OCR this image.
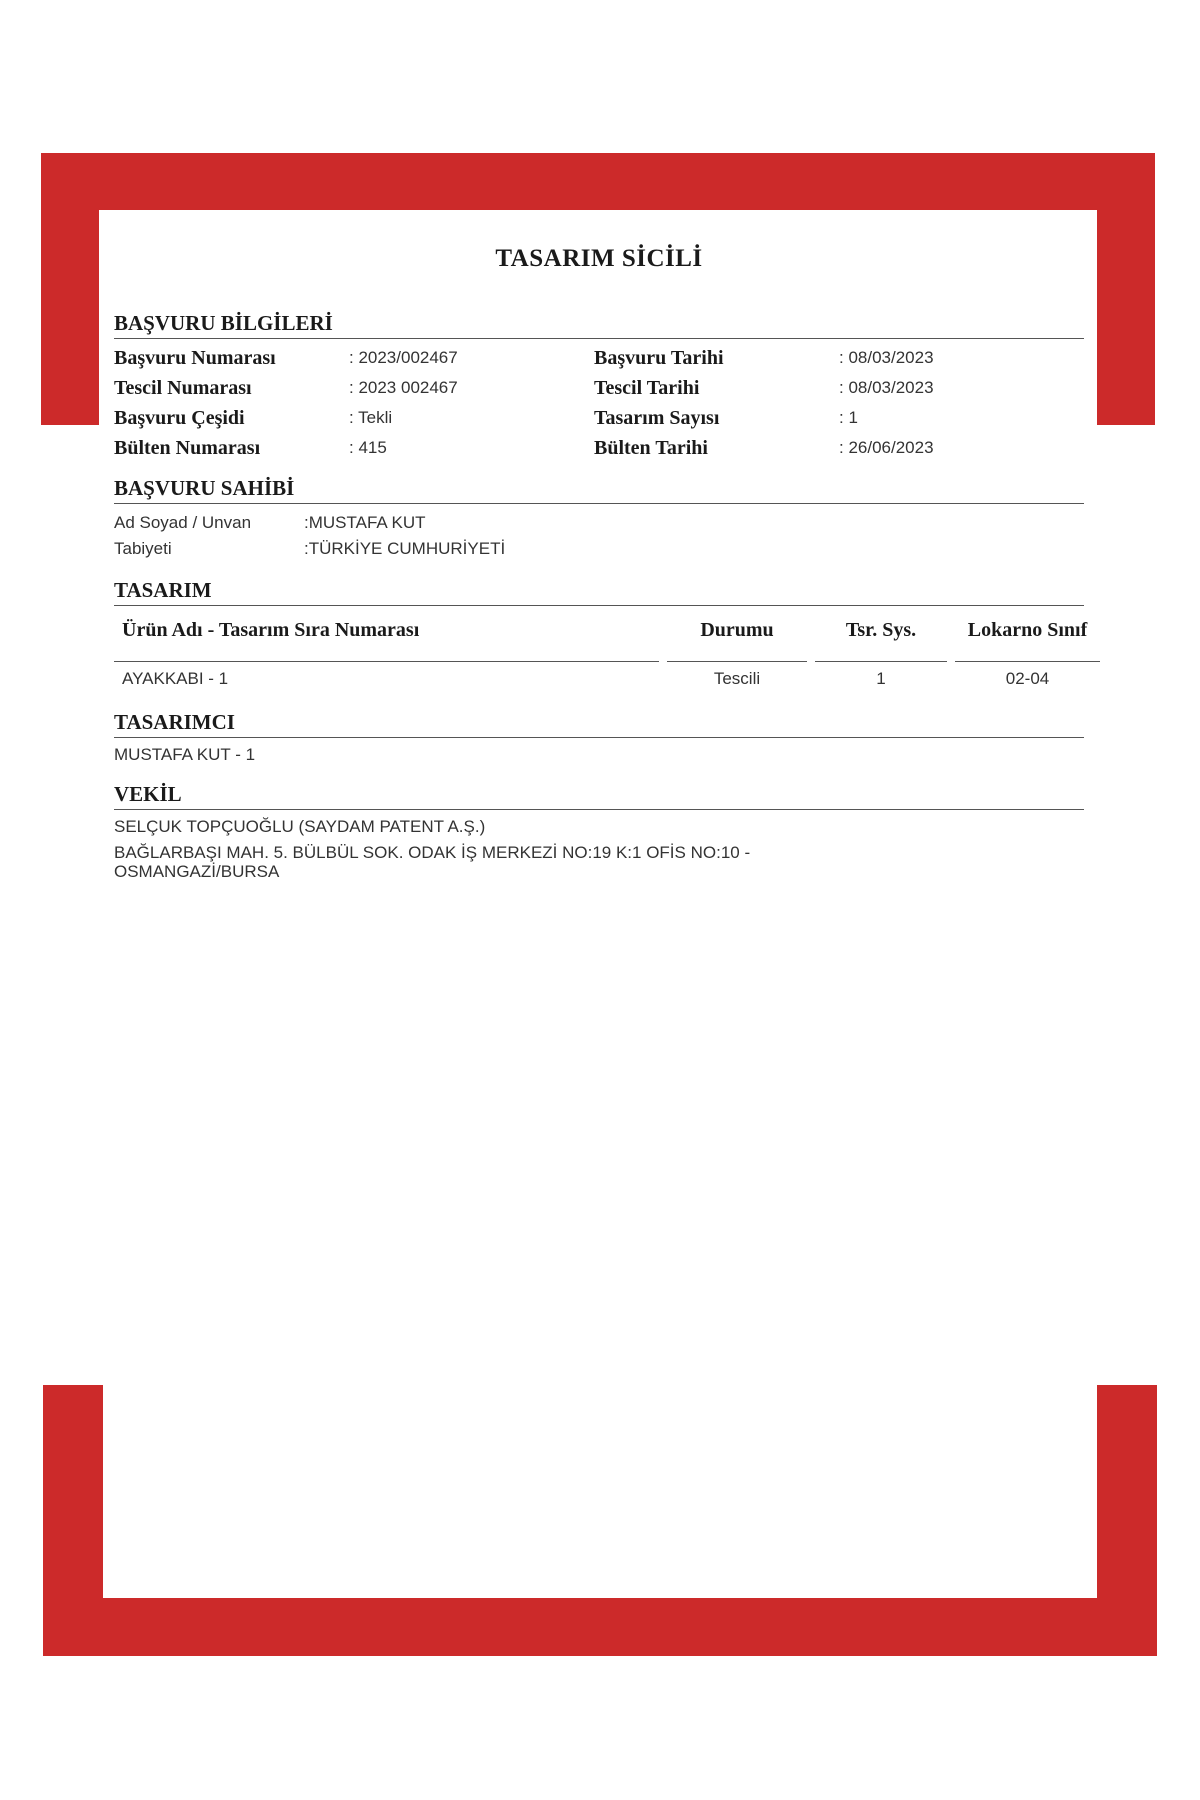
TASARIM SİCİLİ
BAŞVURU BİLGİLERİ
Başvuru Numarası	: 2023/002467	Başvuru Tarihi	: 08/03/2023
Tescil Numarası	: 2023 002467	Tescil Tarihi	: 08/03/2023
Başvuru Çeşidi	: Tekli	Tasarım Sayısı	: 1
Bülten Numarası	: 415	Bülten Tarihi	: 26/06/2023
BAŞVURU SAHİBİ
Ad Soyad / Unvan	:MUSTAFA KUT
Tabiyeti	:TÜRKİYE CUMHURİYETİ
TASARIM
Ürün Adı - Tasarım Sıra Numarası	Durumu	Tsr. Sys.	Lokarno Sınıf
AYAKKABI - 1	Tescili	1	02-04
TASARIMCI
MUSTAFA KUT - 1
VEKİL
SELÇUK TOPÇUOĞLU (SAYDAM PATENT A.Ş.)
BAĞLARBAŞI MAH. 5. BÜLBÜL SOK. ODAK İŞ MERKEZİ NO:19 K:1 OFİS NO:10 -
OSMANGAZİ/BURSA
